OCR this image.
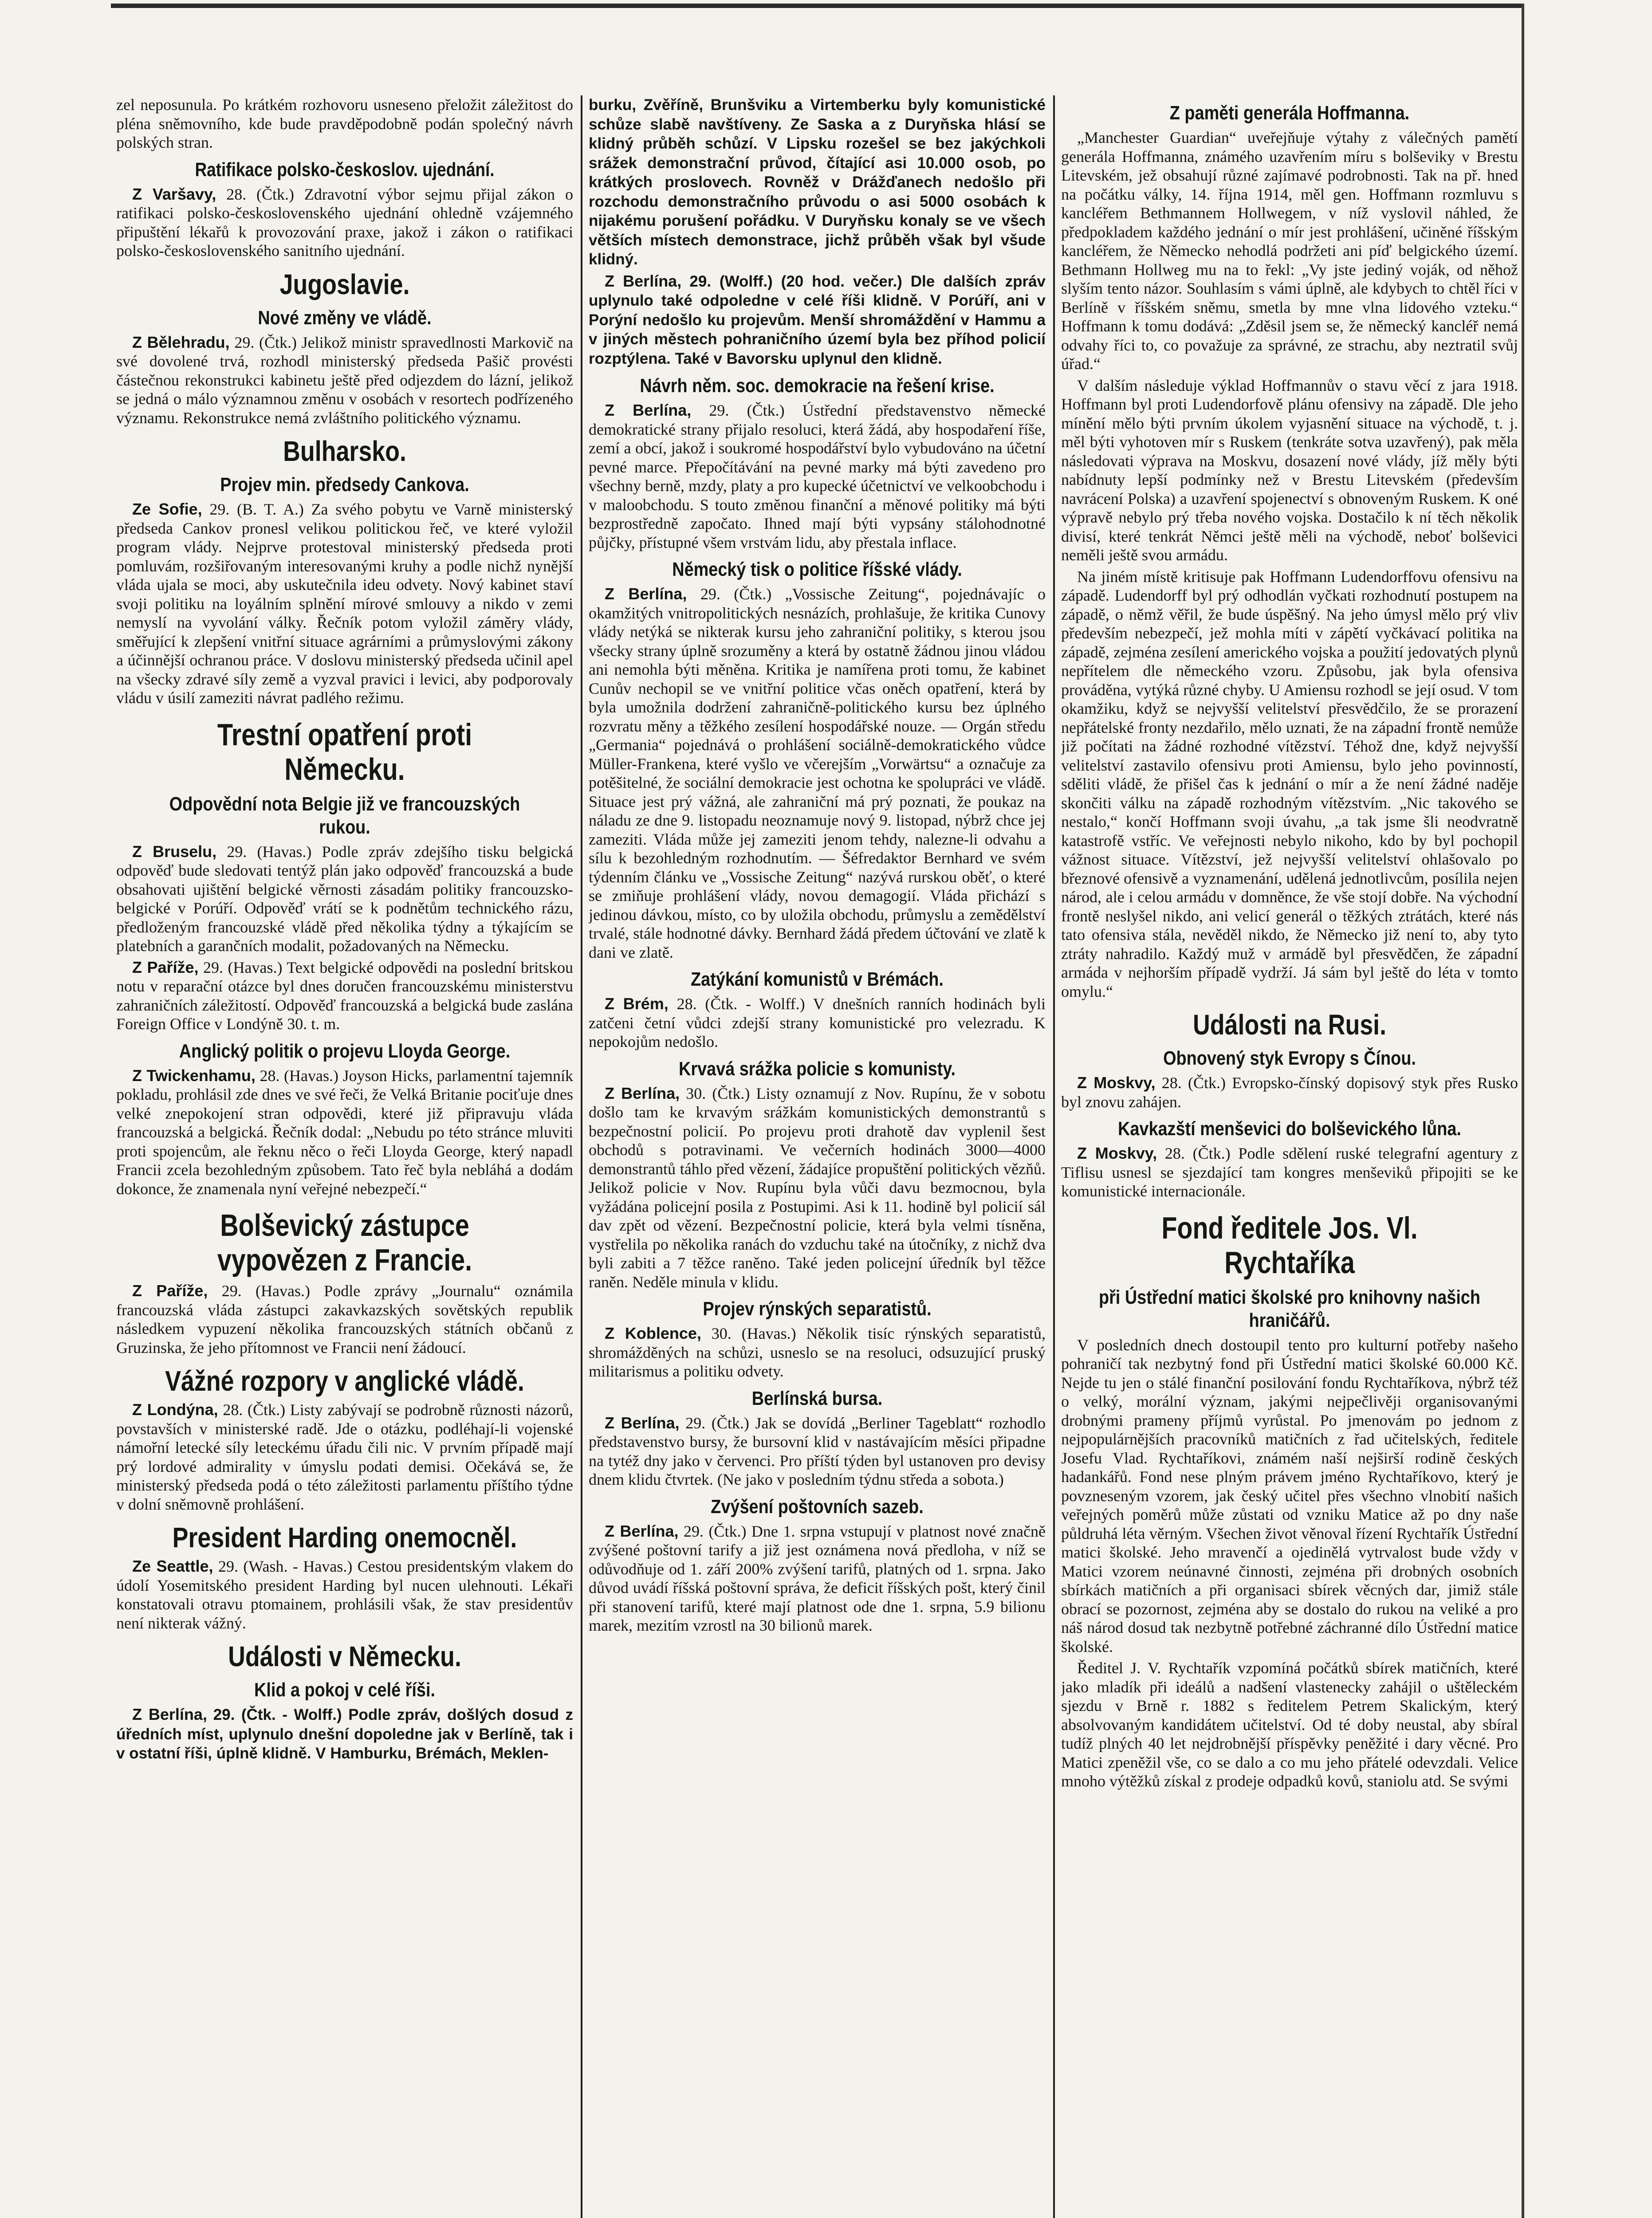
zel neposunula. Po krátkém rozhovoru usneseno přeložit záležitost do pléna sněmovního, kde bude pravděpodobně podán společný návrh polských stran.

Ratifikace polsko-českoslov. ujednání.

Z Varšavy, 28. (Čtk.) Zdravotní výbor sejmu přijal zákon o ratifikaci polsko-československého ujednání ohledně vzájemného připuštění lékařů k provozování praxe, jakož i zákon o ratifikaci polsko-československého sanitního ujednání.

Jugoslavie.
Nové změny ve vládě.

Z Bělehradu, 29. (Čtk.) Jelikož ministr spravedlnosti Markovič na své dovolené trvá, rozhodl ministerský předseda Pašič provésti částečnou rekonstrukci kabinetu ještě před odjezdem do lázní, jelikož se jedná o málo významnou změnu v osobách v resortech podřízeného významu. Rekonstrukce nemá zvláštního politického významu.

Bulharsko.
Projev min. předsedy Cankova.

Ze Sofie, 29. (B. T. A.) Za svého pobytu ve Varně ministerský předseda Cankov pronesl velikou politickou řeč, ve které vyložil program vlády. Nejprve protestoval ministerský předseda proti pomluvám, rozšiřovaným interesovanými kruhy a podle nichž nynější vláda ujala se moci, aby uskutečnila ideu odvety. Nový kabinet staví svoji politiku na loyálním splnění mírové smlouvy a nikdo v zemi nemyslí na vyvolání války. Řečník potom vyložil záměry vlády, směřující k zlepšení vnitřní situace agrárními a průmyslovými zákony a účinnější ochranou práce. V doslovu ministerský předseda učinil apel na všecky zdravé síly země a vyzval pravici i levici, aby podporovaly vládu v úsilí zameziti návrat padlého režimu.

Trestní opatření proti Německu.
Odpovědní nota Belgie již ve francouzských rukou.

Z Bruselu, 29. (Havas.) Podle zpráv zdejšího tisku belgická odpověď bude sledovati tentýž plán jako odpověď francouzská a bude obsahovati ujištění belgické věrnosti zásadám politiky francouzsko-belgické v Porúří. Odpověď vrátí se k podnětům technického rázu, předloženým francouzské vládě před několika týdny a týkajícím se platebních a garančních modalit, požadovaných na Německu.

Z Paříže, 29. (Havas.) Text belgické odpovědi na poslední britskou notu v reparační otázce byl dnes doručen francouzskému ministerstvu zahraničních záležitostí. Odpověď francouzská a belgická bude zaslána Foreign Office v Londýně 30. t. m.

Anglický politik o projevu Lloyda George.

Z Twickenhamu, 28. (Havas.) Joyson Hicks, parlamentní tajemník pokladu, prohlásil zde dnes ve své řeči, že Velká Britanie pociťuje dnes velké znepokojení stran odpovědi, které již připravuju vláda francouzská a belgická. Řečník dodal: „Nebudu po této stránce mluviti proti spojencům, ale řeknu něco o řeči Lloyda George, který napadl Francii zcela bezohledným způsobem. Tato řeč byla nebláhá a dodám dokonce, že znamenala nyní veřejné nebezpečí.“

Bolševický zástupce vypovězen z Francie.

Z Paříže, 29. (Havas.) Podle zprávy „Journalu“ oznámila francouzská vláda zástupci zakavkazských sovětských republik následkem vypuzení několika francouzských státních občanů z Gruzinska, že jeho přítomnost ve Francii není žádoucí.

Vážné rozpory v anglické vládě.

Z Londýna, 28. (Čtk.) Listy zabývají se podrobně různosti názorů, povstavších v ministerské radě. Jde o otázku, podléhají-li vojenské námořní letecké síly leteckému úřadu čili nic. V prvním případě mají prý lordové admirality v úmyslu podati demisi. Očekává se, že ministerský předseda podá o této záležitosti parlamentu příštího týdne v dolní sněmovně prohlášení.

President Harding onemocněl.

Ze Seattle, 29. (Wash. - Havas.) Cestou presidentským vlakem do údolí Yosemitského president Harding byl nucen ulehnouti. Lékaři konstatovali otravu ptomainem, prohlásili však, že stav presidentův není nikterak vážný.

Události v Německu.
Klid a pokoj v celé říši.

Z Berlína, 29. (Čtk. - Wolff.) Podle zpráv, došlých dosud z úředních míst, uplynulo dnešní dopoledne jak v Berlíně, tak i v ostatní říši, úplně klidně. V Hamburku, Brémách, Meklen-

burku, Zvěříně, Brunšviku a Virtemberku byly komunistické schůze slabě navštíveny. Ze Saska a z Duryňska hlásí se klidný průběh schůzí. V Lipsku rozešel se bez jakýchkoli srážek demonstrační průvod, čítající asi 10.000 osob, po krátkých proslovech. Rovněž v Drážďanech nedošlo při rozchodu demonstračního průvodu o asi 5000 osobách k nijakému porušení pořádku. V Duryňsku konaly se ve všech větších místech demonstrace, jichž průběh však byl všude klidný.

Z Berlína, 29. (Wolff.) (20 hod. večer.) Dle dalších zpráv uplynulo také odpoledne v celé říši klidně. V Porúří, ani v Porýní nedošlo ku projevům. Menší shromáždění v Hammu a v jiných městech pohraničního území byla bez příhod policií rozptýlena. Také v Bavorsku uplynul den klidně.

Návrh něm. soc. demokracie na řešení krise.

Z Berlína, 29. (Čtk.) Ústřední představenstvo německé demokratické strany přijalo resoluci, která žádá, aby hospodaření říše, zemí a obcí, jakož i soukromé hospodářství bylo vybudováno na účetní pevné marce. Přepočítávání na pevné marky má býti zavedeno pro všechny berně, mzdy, platy a pro kupecké účetnictví ve velkoobchodu i v maloobchodu. S touto změnou finanční a měnové politiky má býti bezprostředně započato. Ihned mají býti vypsány stálohodnotné půjčky, přístupné všem vrstvám lidu, aby přestala inflace.

Německý tisk o politice říšské vlády.

Z Berlína, 29. (Čtk.) „Vossische Zeitung“, pojednávajíc o okamžitých vnitropolitických nesnázích, prohlašuje, že kritika Cunovy vlády netýká se nikterak kursu jeho zahraniční politiky, s kterou jsou všecky strany úplně srozuměny a která by ostatně žádnou jinou vládou ani nemohla býti měněna. Kritika je namířena proti tomu, že kabinet Cunův nechopil se ve vnitřní politice včas oněch opatření, která by byla umožnila dodržení zahraničně-politického kursu bez úplného rozvratu měny a těžkého zesílení hospodářské nouze. — Orgán středu „Germania“ pojednává o prohlášení sociálně-demokratického vůdce Müller-Frankena, které vyšlo ve včerejším „Vorwärtsu“ a označuje za potěšitelné, že sociální demokracie jest ochotna ke spolupráci ve vládě. Situace jest prý vážná, ale zahraniční má prý poznati, že poukaz na náladu ze dne 9. listopadu neoznamuje nový 9. listopad, nýbrž chce jej zameziti. Vláda může jej zameziti jenom tehdy, nalezne-li odvahu a sílu k bezohledným rozhodnutím. — Šéfredaktor Bernhard ve svém týdenním článku ve „Vossische Zeitung“ nazývá rurskou oběť, o které se zmiňuje prohlášení vlády, novou demagogií. Vláda přichází s jedinou dávkou, místo, co by uložila obchodu, průmyslu a zemědělství trvalé, stále hodnotné dávky. Bernhard žádá předem účtování ve zlatě k dani ve zlatě.

Zatýkání komunistů v Brémách.

Z Brém, 28. (Čtk. - Wolff.) V dnešních ranních hodinách byli zatčeni četní vůdci zdejší strany komunistické pro velezradu. K nepokojům nedošlo.

Krvavá srážka policie s komunisty.

Z Berlína, 30. (Čtk.) Listy oznamují z Nov. Rupínu, že v sobotu došlo tam ke krvavým srážkám komunistických demonstrantů s bezpečnostní policií. Po projevu proti drahotě dav vyplenil šest obchodů s potravinami. Ve večerních hodinách 3000—4000 demonstrantů táhlo před vězení, žádajíce propuštění politických vězňů. Jelikož policie v Nov. Rupínu byla vůči davu bezmocnou, byla vyžádána policejní posila z Postupimi. Asi k 11. hodině byl policií sál dav zpět od vězení. Bezpečnostní policie, která byla velmi tísněna, vystřelila po několika ranách do vzduchu také na útočníky, z nichž dva byli zabiti a 7 těžce raněno. Také jeden policejní úředník byl těžce raněn. Neděle minula v klidu.

Projev rýnských separatistů.

Z Koblence, 30. (Havas.) Několik tisíc rýnských separatistů, shromážděných na schůzi, usneslo se na resoluci, odsuzující pruský militarismus a politiku odvety.

Berlínská bursa.

Z Berlína, 29. (Čtk.) Jak se dovídá „Berliner Tageblatt“ rozhodlo představenstvo bursy, že bursovní klid v nastávajícím měsíci připadne na tytéž dny jako v červenci. Pro příští týden byl ustanoven pro devisy dnem klidu čtvrtek. (Ne jako v posledním týdnu středa a sobota.)

Zvýšení poštovních sazeb.

Z Berlína, 29. (Čtk.) Dne 1. srpna vstupují v platnost nové značně zvýšené poštovní tarify a již jest oznámena nová předloha, v níž se odůvodňuje od 1. září 200% zvýšení tarifů, platných od 1. srpna. Jako důvod uvádí říšská poštovní správa, že deficit říšských pošt, který činil při stanovení tarifů, které mají platnost ode dne 1. srpna, 5.9 bilionu marek, mezitím vzrostl na 30 bilionů marek.

Z paměti generála Hoffmanna.

„Manchester Guardian“ uveřejňuje výtahy z válečných pamětí generála Hoffmanna, známého uzavřením míru s bolševiky v Brestu Litevském, jež obsahují různé zajímavé podrobnosti. Tak na př. hned na počátku války, 14. října 1914, měl gen. Hoffmann rozmluvu s kancléřem Bethmannem Hollwegem, v níž vyslovil náhled, že předpokladem každého jednání o mír jest prohlášení, učiněné říšským kancléřem, že Německo nehodlá podržeti ani píď belgického území. Bethmann Hollweg mu na to řekl: „Vy jste jediný voják, od něhož slyším tento názor. Souhlasím s vámi úplně, ale kdybych to chtěl říci v Berlíně v říšském sněmu, smetla by mne vlna lidového vzteku.“ Hoffmann k tomu dodává: „Zděsil jsem se, že německý kancléř nemá odvahy říci to, co považuje za správné, ze strachu, aby neztratil svůj úřad.“

V dalším následuje výklad Hoffmannův o stavu věcí z jara 1918. Hoffmann byl proti Ludendorfově plánu ofensivy na západě. Dle jeho mínění mělo býti prvním úkolem vyjasnění situace na východě, t. j. měl býti vyhotoven mír s Ruskem (tenkráte sotva uzavřený), pak měla následovati výprava na Moskvu, dosazení nové vlády, jíž měly býti nabídnuty lepší podmínky než v Brestu Litevském (především navrácení Polska) a uzavření spojenectví s obnoveným Ruskem. K oné výpravě nebylo prý třeba nového vojska. Dostačilo k ní těch několik divisí, které tenkrát Němci ještě měli na východě, neboť bolševici neměli ještě svou armádu.

Na jiném místě kritisuje pak Hoffmann Ludendorffovu ofensivu na západě. Ludendorff byl prý odhodlán vyčkati rozhodnutí postupem na západě, o němž věřil, že bude úspěšný. Na jeho úmysl mělo prý vliv především nebezpečí, jež mohla míti v zápětí vyčkávací politika na západě, zejména zesílení amerického vojska a použití jedovatých plynů nepřítelem dle německého vzoru. Způsobu, jak byla ofensiva prováděna, vytýká různé chyby. U Amiensu rozhodl se její osud. V tom okamžiku, když se nejvyšší velitelství přesvědčilo, že se prorazení nepřátelské fronty nezdařilo, mělo uznati, že na západní frontě nemůže již počítati na žádné rozhodné vítězství. Téhož dne, když nejvyšší velitelství zastavilo ofensivu proti Amiensu, bylo jeho povinností, sděliti vládě, že přišel čas k jednání o mír a že není žádné naděje skončiti válku na západě rozhodným vítězstvím. „Nic takového se nestalo,“ končí Hoffmann svoji úvahu, „a tak jsme šli neodvratně katastrofě vstříc. Ve veřejnosti nebylo nikoho, kdo by byl pochopil vážnost situace. Vítězství, jež nejvyšší velitelství ohlašovalo po březnové ofensivě a vyznamenání, udělená jednotlivcům, posílila nejen národ, ale i celou armádu v domněnce, že vše stojí dobře. Na východní frontě neslyšel nikdo, ani velicí generál o těžkých ztrátách, které nás tato ofensiva stála, nevěděl nikdo, že Německo již není to, aby tyto ztráty nahradilo. Každý muž v armádě byl přesvědčen, že západní armáda v nejhorším případě vydrží. Já sám byl ještě do léta v tomto omylu.“

Události na Rusi.
Obnovený styk Evropy s Čínou.

Z Moskvy, 28. (Čtk.) Evropsko-čínský dopisový styk přes Rusko byl znovu zahájen.

Kavkazští menševici do bolševického lůna.

Z Moskvy, 28. (Čtk.) Podle sdělení ruské telegrafní agentury z Tiflisu usnesl se sjezdající tam kongres menševiků připojiti se ke komunistické internacionále.

Fond ředitele Jos. Vl. Rychtaříka
při Ústřední matici školské pro knihovny našich hraničářů.

V posledních dnech dostoupil tento pro kulturní potřeby našeho pohraničí tak nezbytný fond při Ústřední matici školské 60.000 Kč. Nejde tu jen o stálé finanční posilování fondu Rychtaříkova, nýbrž též o velký, morální význam, jakými nejpečlivěji organisovanými drobnými prameny příjmů vyrůstal. Po jmenovám po jednom z nejpopulárnějších pracovníků matičních z řad učitelských, ředitele Josefu Vlad. Rychtaříkovi, známém naší nejširší rodině českých hadankářů. Fond nese plným právem jméno Rychtaříkovo, který je povzneseným vzorem, jak český učitel přes všechno vlnobití našich veřejných poměrů může zůstati od vzniku Matice až po dny naše půldruhá léta věrným. Všechen život věnoval řízení Rychtařík Ústřední matici školské. Jeho mravenčí a ojedinělá vytrvalost bude vždy v Matici vzorem neúnavné činnosti, zejména při drobných osobních sbírkách matičních a při organisaci sbírek věcných dar, jimiž stále obrací se pozornost, zejména aby se dostalo do rukou na veliké a pro náš národ dosud tak nezbytně potřebné záchranné dílo Ústřední matice školské.

Ředitel J. V. Rychtařík vzpomíná počátků sbírek matičních, které jako mladík při ideálů a nadšení vlastenecky zahájil o uštěleckém sjezdu v Brně r. 1882 s ředitelem Petrem Skalickým, který absolvovaným kandidátem učitelství. Od té doby neustal, aby sbíral tudíž plných 40 let nejdrobnější příspěvky peněžité i dary věcné. Pro Matici zpeněžil vše, co se dalo a co mu jeho přátelé odevzdali. Velice mnoho výtěžků získal z prodeje odpadků kovů, staniolu atd. Se svými
